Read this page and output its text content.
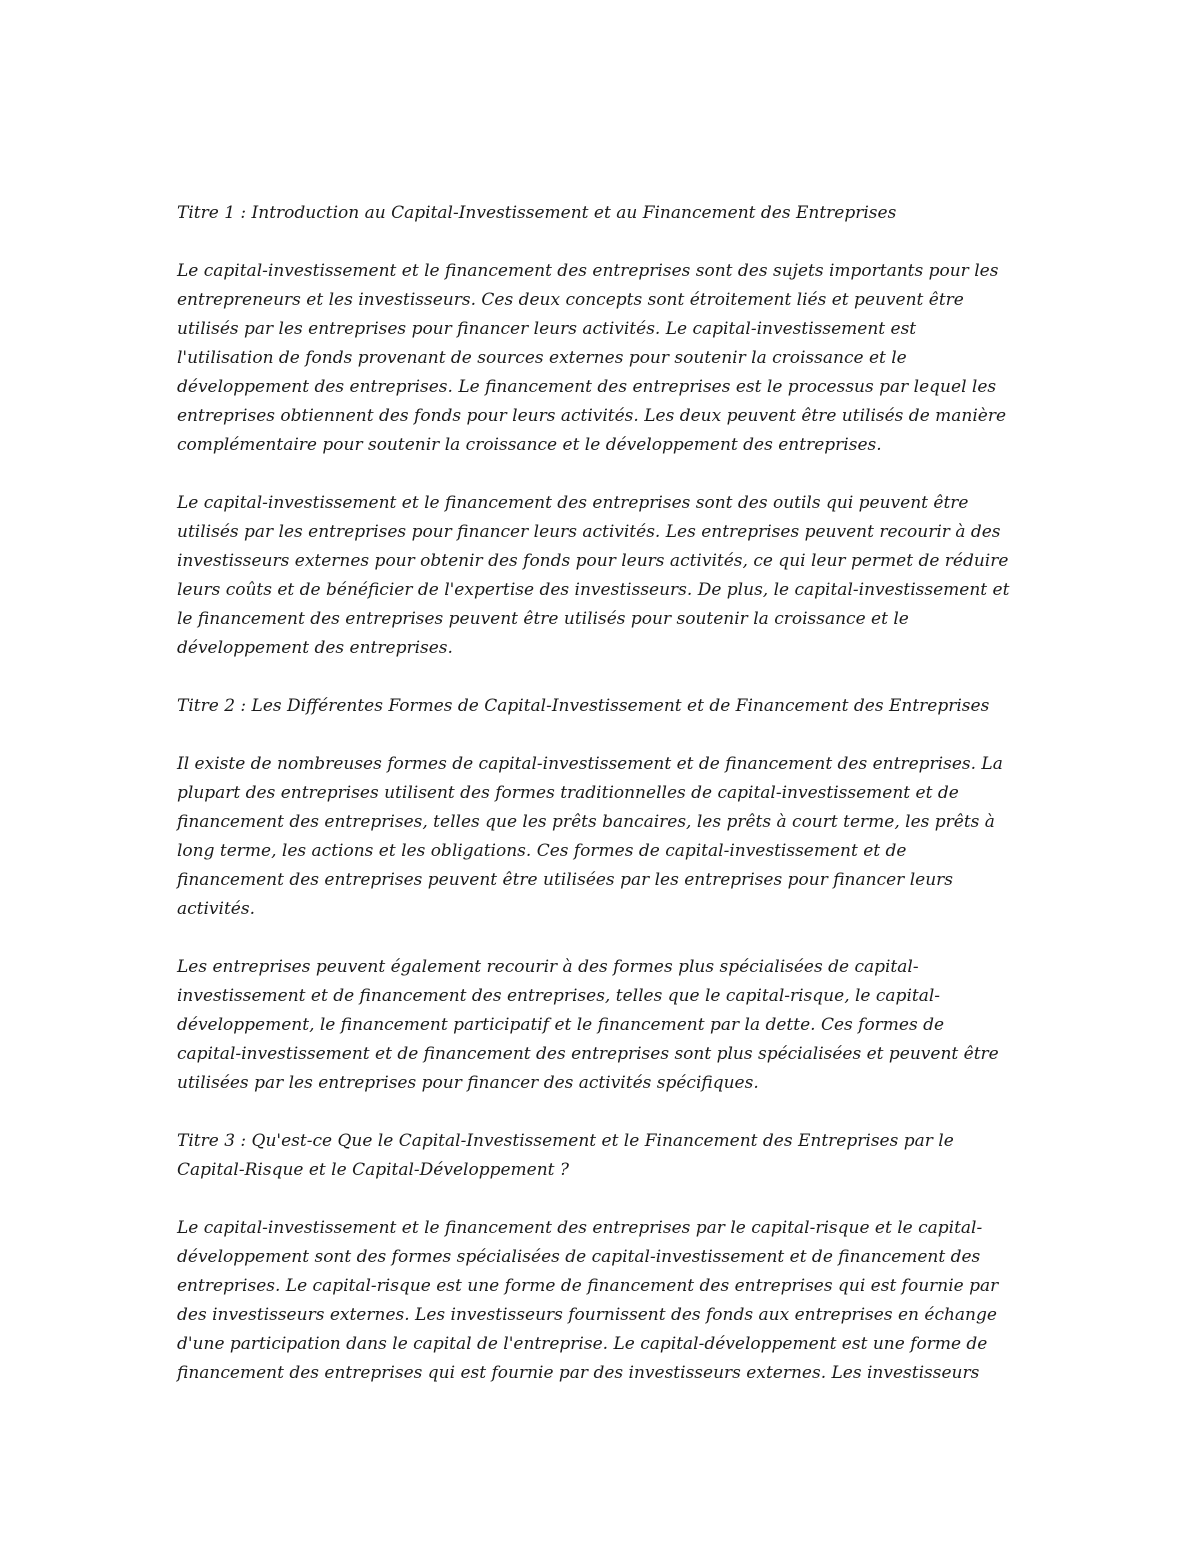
Titre 1 : Introduction au Capital-Investissement et au Financement des Entreprises
Le capital-investissement et le financement des entreprises sont des sujets importants pour les
entrepreneurs et les investisseurs. Ces deux concepts sont étroitement liés et peuvent être
utilisés par les entreprises pour financer leurs activités. Le capital-investissement est
l'utilisation de fonds provenant de sources externes pour soutenir la croissance et le
développement des entreprises. Le financement des entreprises est le processus par lequel les
entreprises obtiennent des fonds pour leurs activités. Les deux peuvent être utilisés de manière
complémentaire pour soutenir la croissance et le développement des entreprises.
Le capital-investissement et le financement des entreprises sont des outils qui peuvent être
utilisés par les entreprises pour financer leurs activités. Les entreprises peuvent recourir à des
investisseurs externes pour obtenir des fonds pour leurs activités, ce qui leur permet de réduire
leurs coûts et de bénéficier de l'expertise des investisseurs. De plus, le capital-investissement et
le financement des entreprises peuvent être utilisés pour soutenir la croissance et le
développement des entreprises.
Titre 2 : Les Différentes Formes de Capital-Investissement et de Financement des Entreprises
Il existe de nombreuses formes de capital-investissement et de financement des entreprises. La
plupart des entreprises utilisent des formes traditionnelles de capital-investissement et de
financement des entreprises, telles que les prêts bancaires, les prêts à court terme, les prêts à
long terme, les actions et les obligations. Ces formes de capital-investissement et de
financement des entreprises peuvent être utilisées par les entreprises pour financer leurs
activités.
Les entreprises peuvent également recourir à des formes plus spécialisées de capital-
investissement et de financement des entreprises, telles que le capital-risque, le capital-
développement, le financement participatif et le financement par la dette. Ces formes de
capital-investissement et de financement des entreprises sont plus spécialisées et peuvent être
utilisées par les entreprises pour financer des activités spécifiques.
Titre 3 : Qu'est-ce Que le Capital-Investissement et le Financement des Entreprises par le
Capital-Risque et le Capital-Développement ?
Le capital-investissement et le financement des entreprises par le capital-risque et le capital-
développement sont des formes spécialisées de capital-investissement et de financement des
entreprises. Le capital-risque est une forme de financement des entreprises qui est fournie par
des investisseurs externes. Les investisseurs fournissent des fonds aux entreprises en échange
d'une participation dans le capital de l'entreprise. Le capital-développement est une forme de
financement des entreprises qui est fournie par des investisseurs externes. Les investisseurs
